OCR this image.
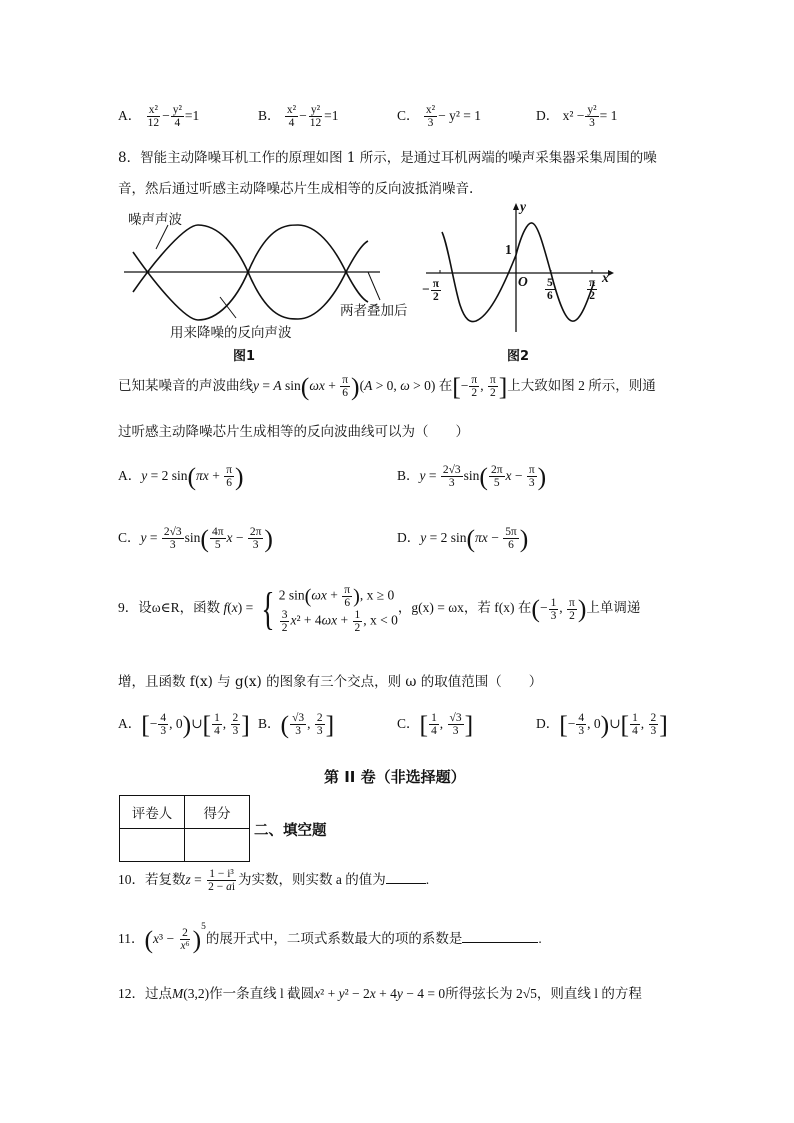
A． $\frac{\text{x²}}{12} - \frac{\text{y²}}{4} =1$	B． $\frac{\text{x²}}{4} - \frac{\text{y²}}{12} =1$	C． $\frac{\text{x²}}{3} - y^2 = 1$	D． $x^2 - \frac{\text{y²}}{3} = 1$
8．智能主动降噪耳机工作的原理如图 1 所示，是通过耳机两端的噪声采集器采集周围的噪
音，然后通过听感主动降噪芯片生成相等的反向波抵消噪音.
噪声声波
用来降噪的反向声波
两者叠加后
图1
y
x
1
O
− $\frac{\pi}{2}$	$\frac{5}{6}$	$\frac{\pi}{2}$
图2
已知某噪音的声波曲线y = A $\sin(\omega x + \frac{\pi}{6} )(A > 0$, ω > 0) 在[− $\frac{\pi}{2}$ , $\frac{\pi}{2}$ ]上大致如图 2 所示，则通
过听感主动降噪芯片生成相等的反向波曲线可以为（　　）
A．y = 2 $\sin(\pi x + \frac{\pi}{6}$ )	B．$y = \frac{2√3}{3} \sin( \frac{2\pi}{5}$ $x - \frac{\pi}{3}$ )
C．$y = \frac{2√3}{3} \sin( \frac{4\pi}{5}$ $x - \frac{2\pi}{3}$ )	D．y = 2 $\sin(\pi x - \frac{5\pi}{6}$ )
9．设ω∈R，函数 f(x) = { 2 $\sin(\omega x + \frac{\pi}{6}$ ), x ≥ 0
$\frac{3}{2} x^2 + 4\omega x + \frac{1}{2}$ , x < 0
，g(x) = ωx，若 f(x) 在(− $\frac{1}{3}$ , $\frac{\pi}{2}$ )上单调递
增，且函数 f(x) 与 g(x) 的图象有三个交点，则 ω 的取值范围（　　）
A．[− $\frac{4}{3}$ , 0)∪[ $\frac{1}{4}$ , $\frac{2}{3}$ ] B．( $\frac{√3}{3}$ , $\frac{2}{3}$ ]	C．[ $\frac{1}{4}$ , $\frac{√3}{3}$ ]	D．[− $\frac{4}{3}$ , 0)∪[ $\frac{1}{4}$ , $\frac{2}{3}$ ]
第 II 卷（非选择题）
评卷人	得分

二、填空题
10．若复数$z = \frac{\text{1 − i³}}{2 - ai}$ 为实数，则实数 a 的值为	.
11．$(x^3 - \frac{2}{\text{x⁶}} )^5$的展开式中，二项式系数最大的项的系数是	.
12．过点M(3,2)作一条直线 l 截圆x² + y² − 2x + 4y − 4 = 0所得弦长为 2√5，则直线 l 的方程
